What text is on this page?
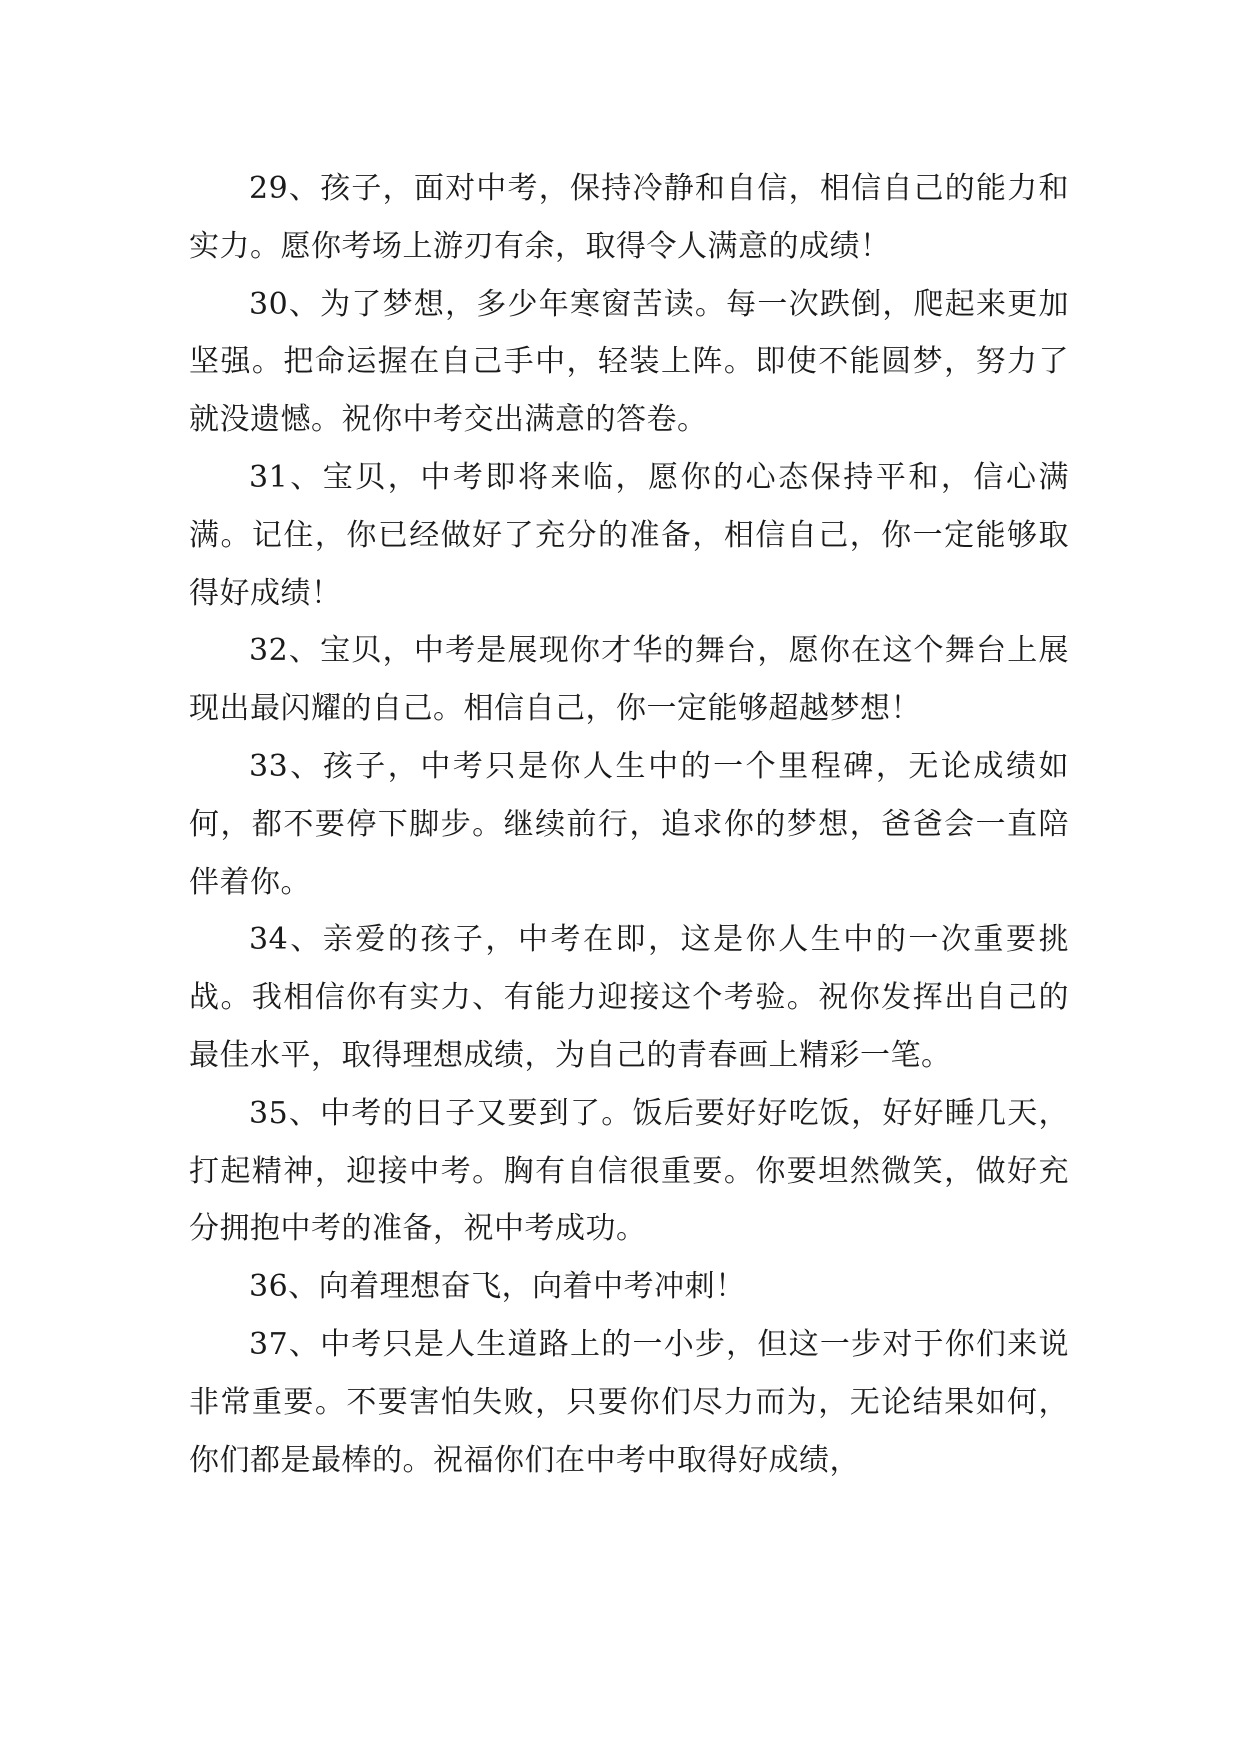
29、孩子，面对中考，保持冷静和自信，相信自己的能力和实力。愿你考场上游刃有余，取得令人满意的成绩！

30、为了梦想，多少年寒窗苦读。每一次跌倒，爬起来更加坚强。把命运握在自己手中，轻装上阵。即使不能圆梦，努力了就没遗憾。祝你中考交出满意的答卷。

31、宝贝，中考即将来临，愿你的心态保持平和，信心满满。记住，你已经做好了充分的准备，相信自己，你一定能够取得好成绩！

32、宝贝，中考是展现你才华的舞台，愿你在这个舞台上展现出最闪耀的自己。相信自己，你一定能够超越梦想！

33、孩子，中考只是你人生中的一个里程碑，无论成绩如何，都不要停下脚步。继续前行，追求你的梦想，爸爸会一直陪伴着你。

34、亲爱的孩子，中考在即，这是你人生中的一次重要挑战。我相信你有实力、有能力迎接这个考验。祝你发挥出自己的最佳水平，取得理想成绩，为自己的青春画上精彩一笔。

35、中考的日子又要到了。饭后要好好吃饭，好好睡几天，打起精神，迎接中考。胸有自信很重要。你要坦然微笑，做好充分拥抱中考的准备，祝中考成功。

36、向着理想奋飞，向着中考冲刺！

37、中考只是人生道路上的一小步，但这一步对于你们来说非常重要。不要害怕失败，只要你们尽力而为，无论结果如何，你们都是最棒的。祝福你们在中考中取得好成绩，
